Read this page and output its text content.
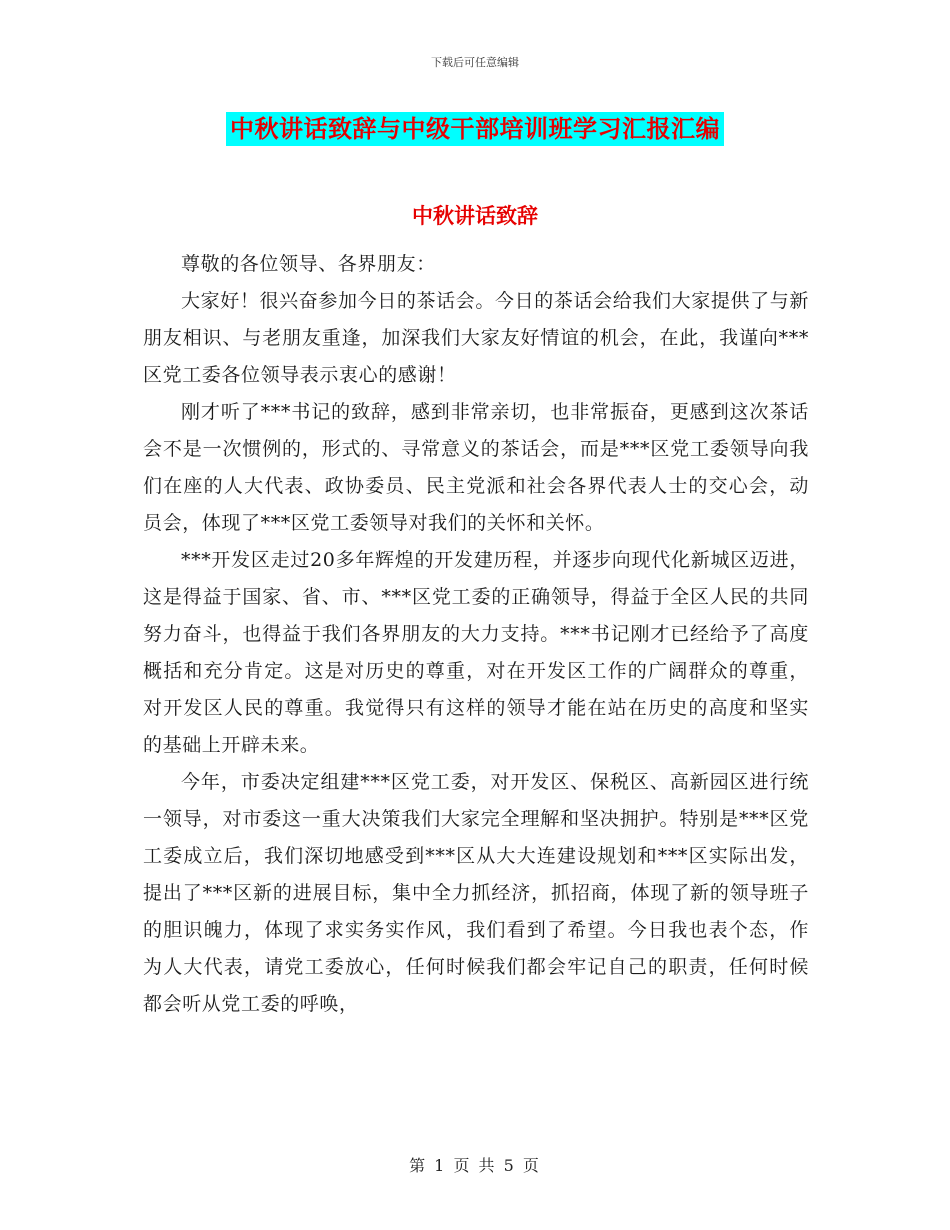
下载后可任意编辑
中秋讲话致辞与中级干部培训班学习汇报汇编
中秋讲话致辞

尊敬的各位领导、各界朋友：

大家好！很兴奋参加今日的茶话会。今日的茶话会给我们大家提供了与新朋友相识、与老朋友重逢，加深我们大家友好情谊的机会，在此，我谨向***区党工委各位领导表示衷心的感谢！

刚才听了***书记的致辞，感到非常亲切，也非常振奋，更感到这次茶话会不是一次惯例的，形式的、寻常意义的茶话会，而是***区党工委领导向我们在座的人大代表、政协委员、民主党派和社会各界代表人士的交心会，动员会，体现了***区党工委领导对我们的关怀和关怀。

***开发区走过20多年辉煌的开发建历程，并逐步向现代化新城区迈进，这是得益于国家、省、市、***区党工委的正确领导，得益于全区人民的共同努力奋斗，也得益于我们各界朋友的大力支持。***书记刚才已经给予了高度概括和充分肯定。这是对历史的尊重，对在开发区工作的广阔群众的尊重，对开发区人民的尊重。我觉得只有这样的领导才能在站在历史的高度和坚实的基础上开辟未来。

今年，市委决定组建***区党工委，对开发区、保税区、高新园区进行统一领导，对市委这一重大决策我们大家完全理解和坚决拥护。特别是***区党工委成立后，我们深切地感受到***区从大大连建设规划和***区实际出发，提出了***区新的进展目标，集中全力抓经济，抓招商，体现了新的领导班子的胆识魄力，体现了求实务实作风，我们看到了希望。今日我也表个态，作为人大代表，请党工委放心，任何时候我们都会牢记自己的职责，任何时候都会听从党工委的呼唤，

第 1 页 共 5 页
